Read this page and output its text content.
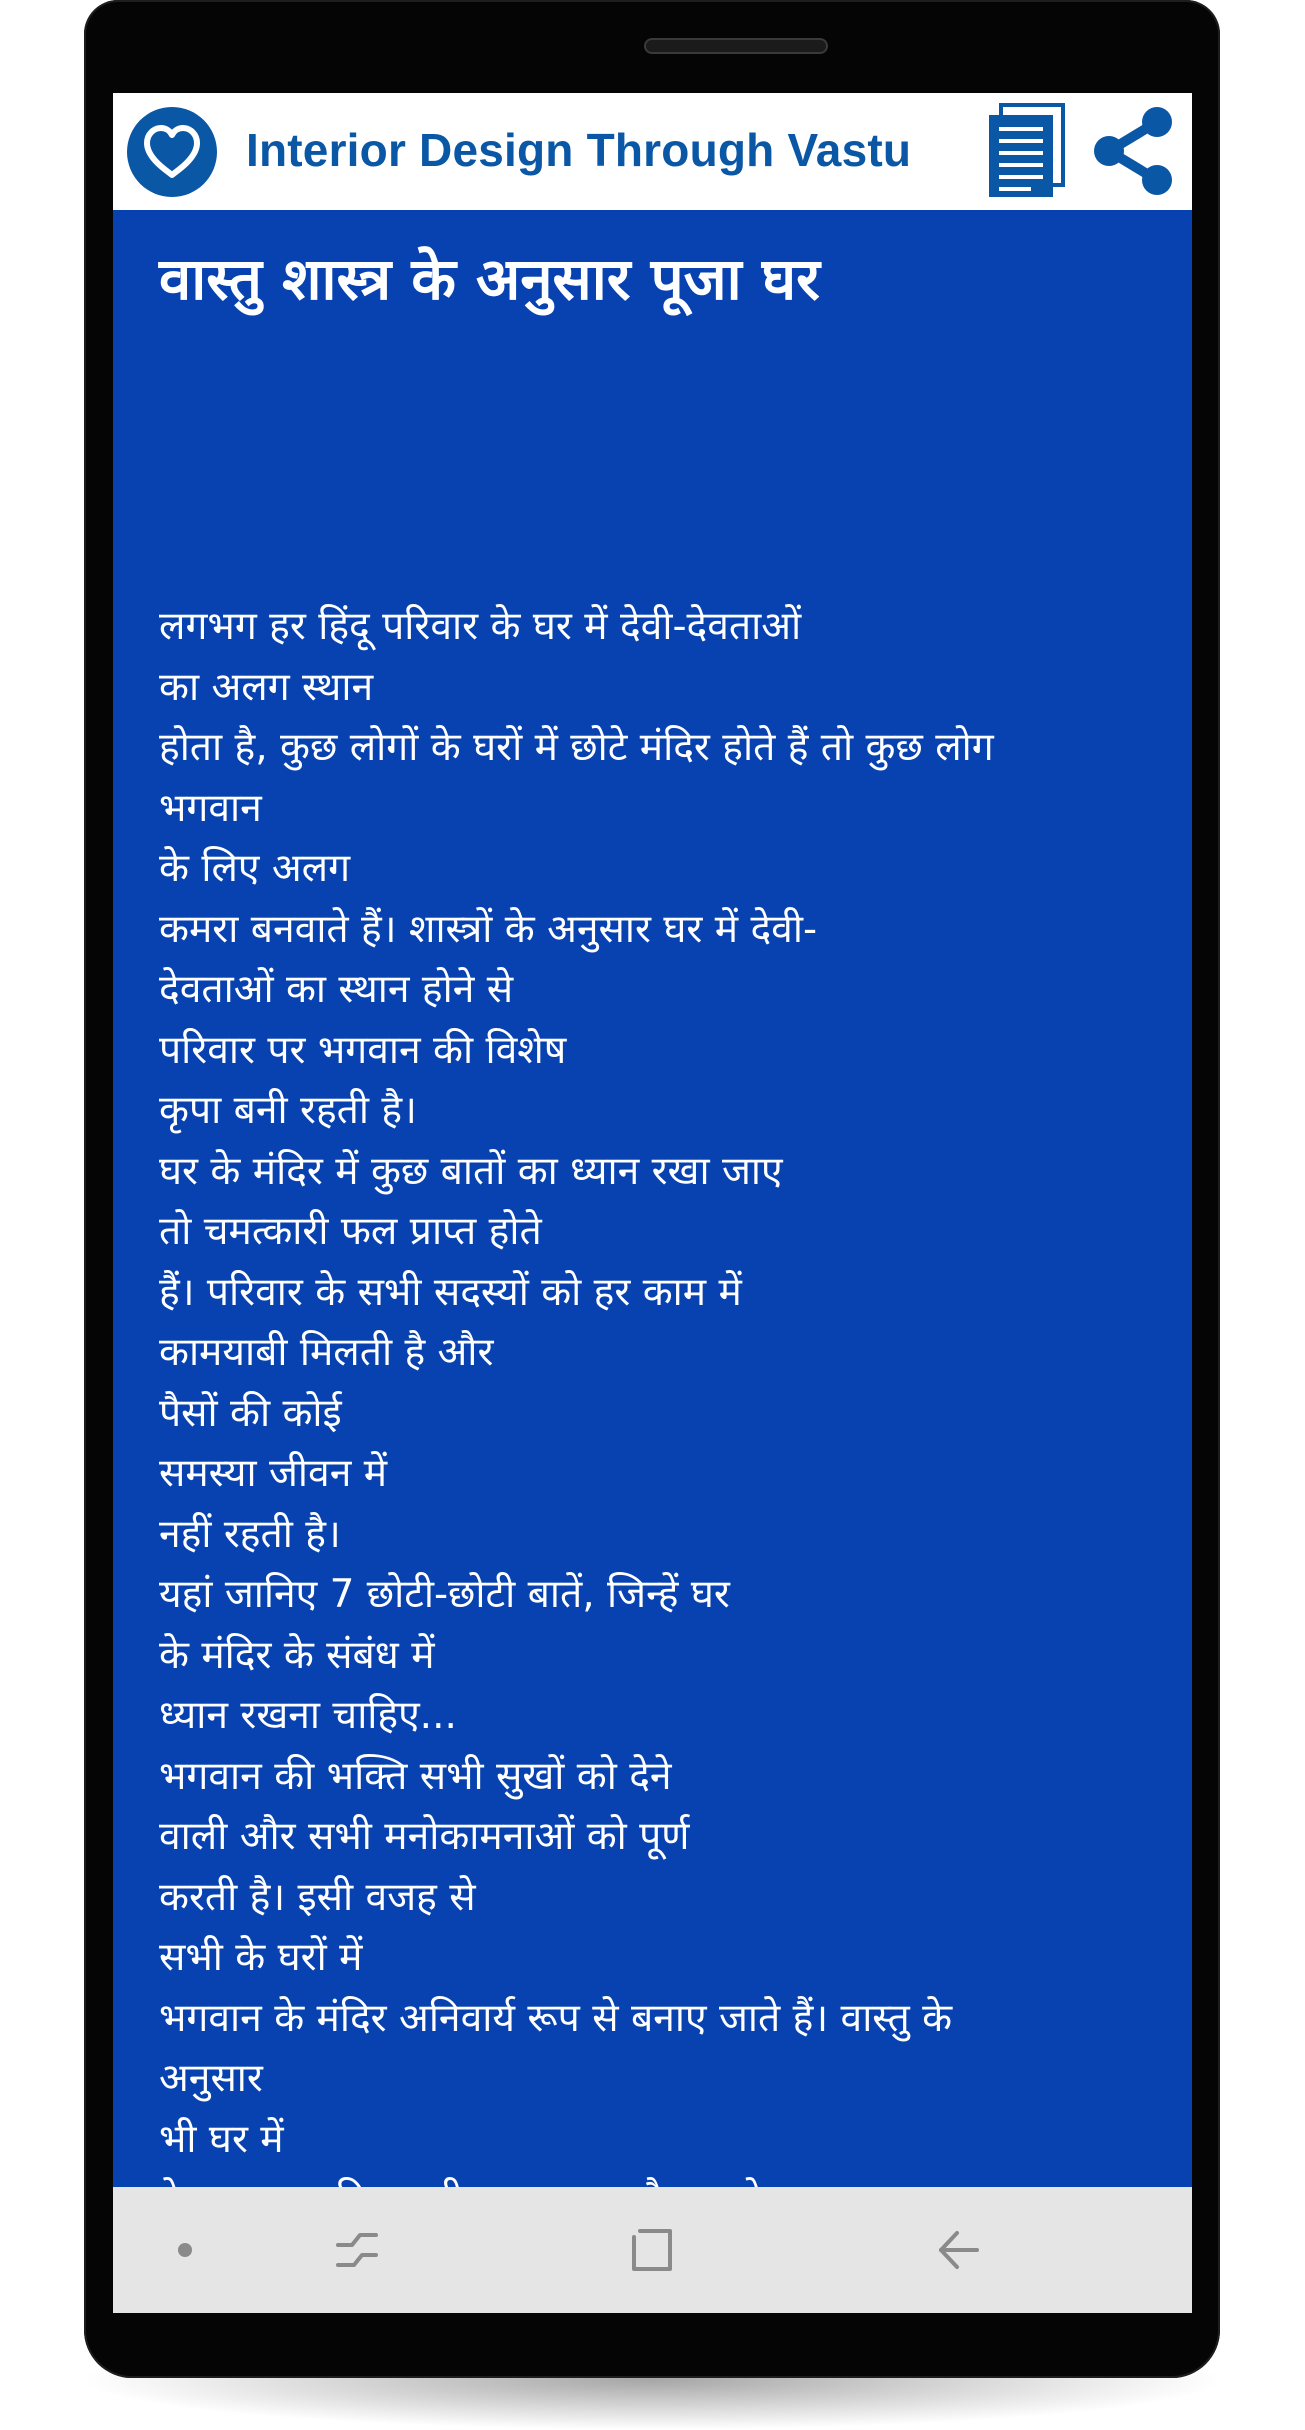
Interior Design Through Vastu
वास्तु शास्त्र के अनुसार पूजा घर
लगभग हर हिंदू परिवार के घर में देवी-देवताओं
का अलग स्थान
होता है, कुछ लोगों के घरों में छोटे मंदिर होते हैं तो कुछ लोग
भगवान
के लिए अलग
कमरा बनवाते हैं। शास्त्रों के अनुसार घर में देवी-
देवताओं का स्थान होने से
परिवार पर भगवान की विशेष
कृपा बनी रहती है।
घर के मंदिर में कुछ बातों का ध्यान रखा जाए
तो चमत्कारी फल प्राप्त होते
हैं। परिवार के सभी सदस्यों को हर काम में
कामयाबी मिलती है और
पैसों की कोई
समस्या जीवन में
नहीं रहती है।
यहां जानिए 7 छोटी-छोटी बातें, जिन्हें घर
के मंदिर के संबंध में
ध्यान रखना चाहिए...
भगवान की भक्ति सभी सुखों को देने
वाली और सभी मनोकामनाओं को पूर्ण
करती है। इसी वजह से
सभी के घरों में
भगवान के मंदिर अनिवार्य रूप से बनाए जाते हैं। वास्तु के
अनुसार
भी घर में
